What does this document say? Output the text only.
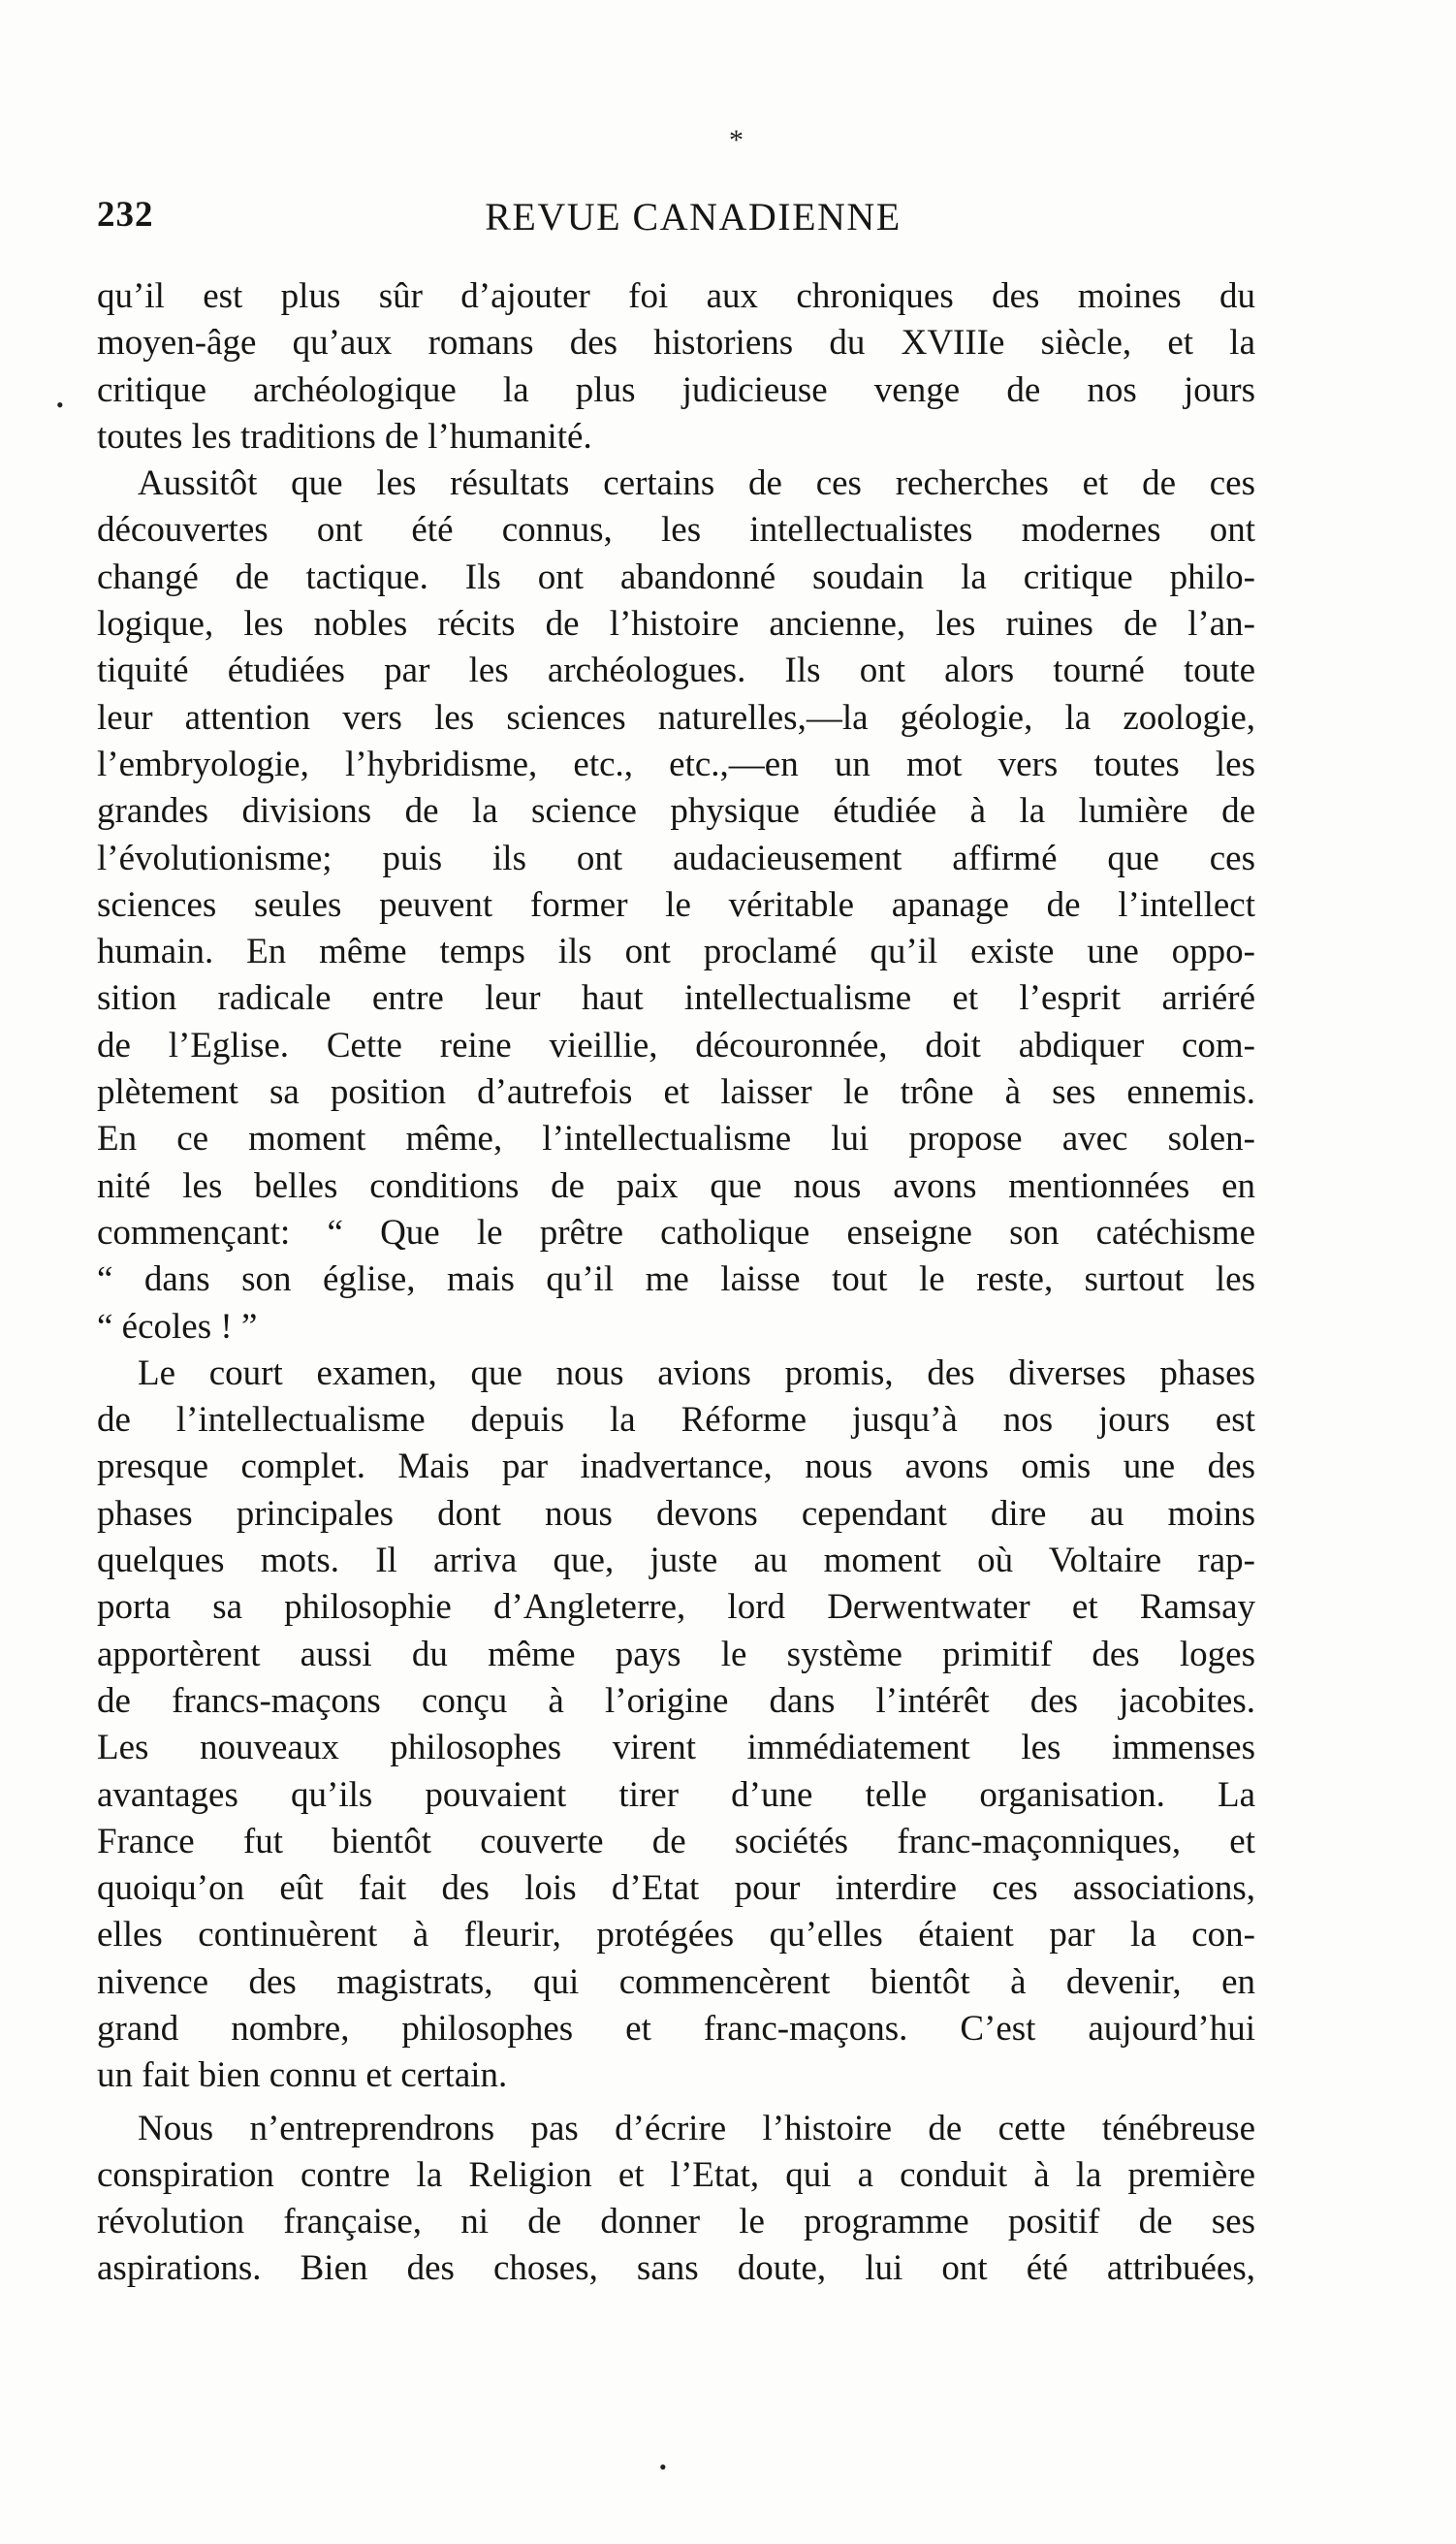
*
•
•
232	REVUE CANADIENNE
qu’il est plus sûr d’ajouter foi aux chroniques des moines du
moyen-âge qu’aux romans des historiens du XVIIIe siècle, et la
critique archéologique la plus judicieuse venge de nos jours
toutes les traditions de l’humanité.
Aussitôt que les résultats certains de ces recherches et de ces
découvertes ont été connus, les intellectualistes modernes ont
changé de tactique. Ils ont abandonné soudain la critique philo-
logique, les nobles récits de l’histoire ancienne, les ruines de l’an-
tiquité étudiées par les archéologues. Ils ont alors tourné toute
leur attention vers les sciences naturelles,—la géologie, la zoologie,
l’embryologie, l’hybridisme, etc., etc.,—en un mot vers toutes les
grandes divisions de la science physique étudiée à la lumière de
l’évolutionisme; puis ils ont audacieusement affirmé que ces
sciences seules peuvent former le véritable apanage de l’intellect
humain. En même temps ils ont proclamé qu’il existe une oppo-
sition radicale entre leur haut intellectualisme et l’esprit arriéré
de l’Eglise. Cette reine vieillie, découronnée, doit abdiquer com-
plètement sa position d’autrefois et laisser le trône à ses ennemis.
En ce moment même, l’intellectualisme lui propose avec solen-
nité les belles conditions de paix que nous avons mentionnées en
commençant: “ Que le prêtre catholique enseigne son catéchisme
“ dans son église, mais qu’il me laisse tout le reste, surtout les
“ écoles ! ”
Le court examen, que nous avions promis, des diverses phases
de l’intellectualisme depuis la Réforme jusqu’à nos jours est
presque complet. Mais par inadvertance, nous avons omis une des
phases principales dont nous devons cependant dire au moins
quelques mots. Il arriva que, juste au moment où Voltaire rap-
porta sa philosophie d’Angleterre, lord Derwentwater et Ramsay
apportèrent aussi du même pays le système primitif des loges
de francs-maçons conçu à l’origine dans l’intérêt des jacobites.
Les nouveaux philosophes virent immédiatement les immenses
avantages qu’ils pouvaient tirer d’une telle organisation. La
France fut bientôt couverte de sociétés franc-maçonniques, et
quoiqu’on eût fait des lois d’Etat pour interdire ces associations,
elles continuèrent à fleurir, protégées qu’elles étaient par la con-
nivence des magistrats, qui commencèrent bientôt à devenir, en
grand nombre, philosophes et franc-maçons. C’est aujourd’hui
un fait bien connu et certain.
Nous n’entreprendrons pas d’écrire l’histoire de cette ténébreuse
conspiration contre la Religion et l’Etat, qui a conduit à la première
révolution française, ni de donner le programme positif de ses
aspirations. Bien des choses, sans doute, lui ont été attribuées,
